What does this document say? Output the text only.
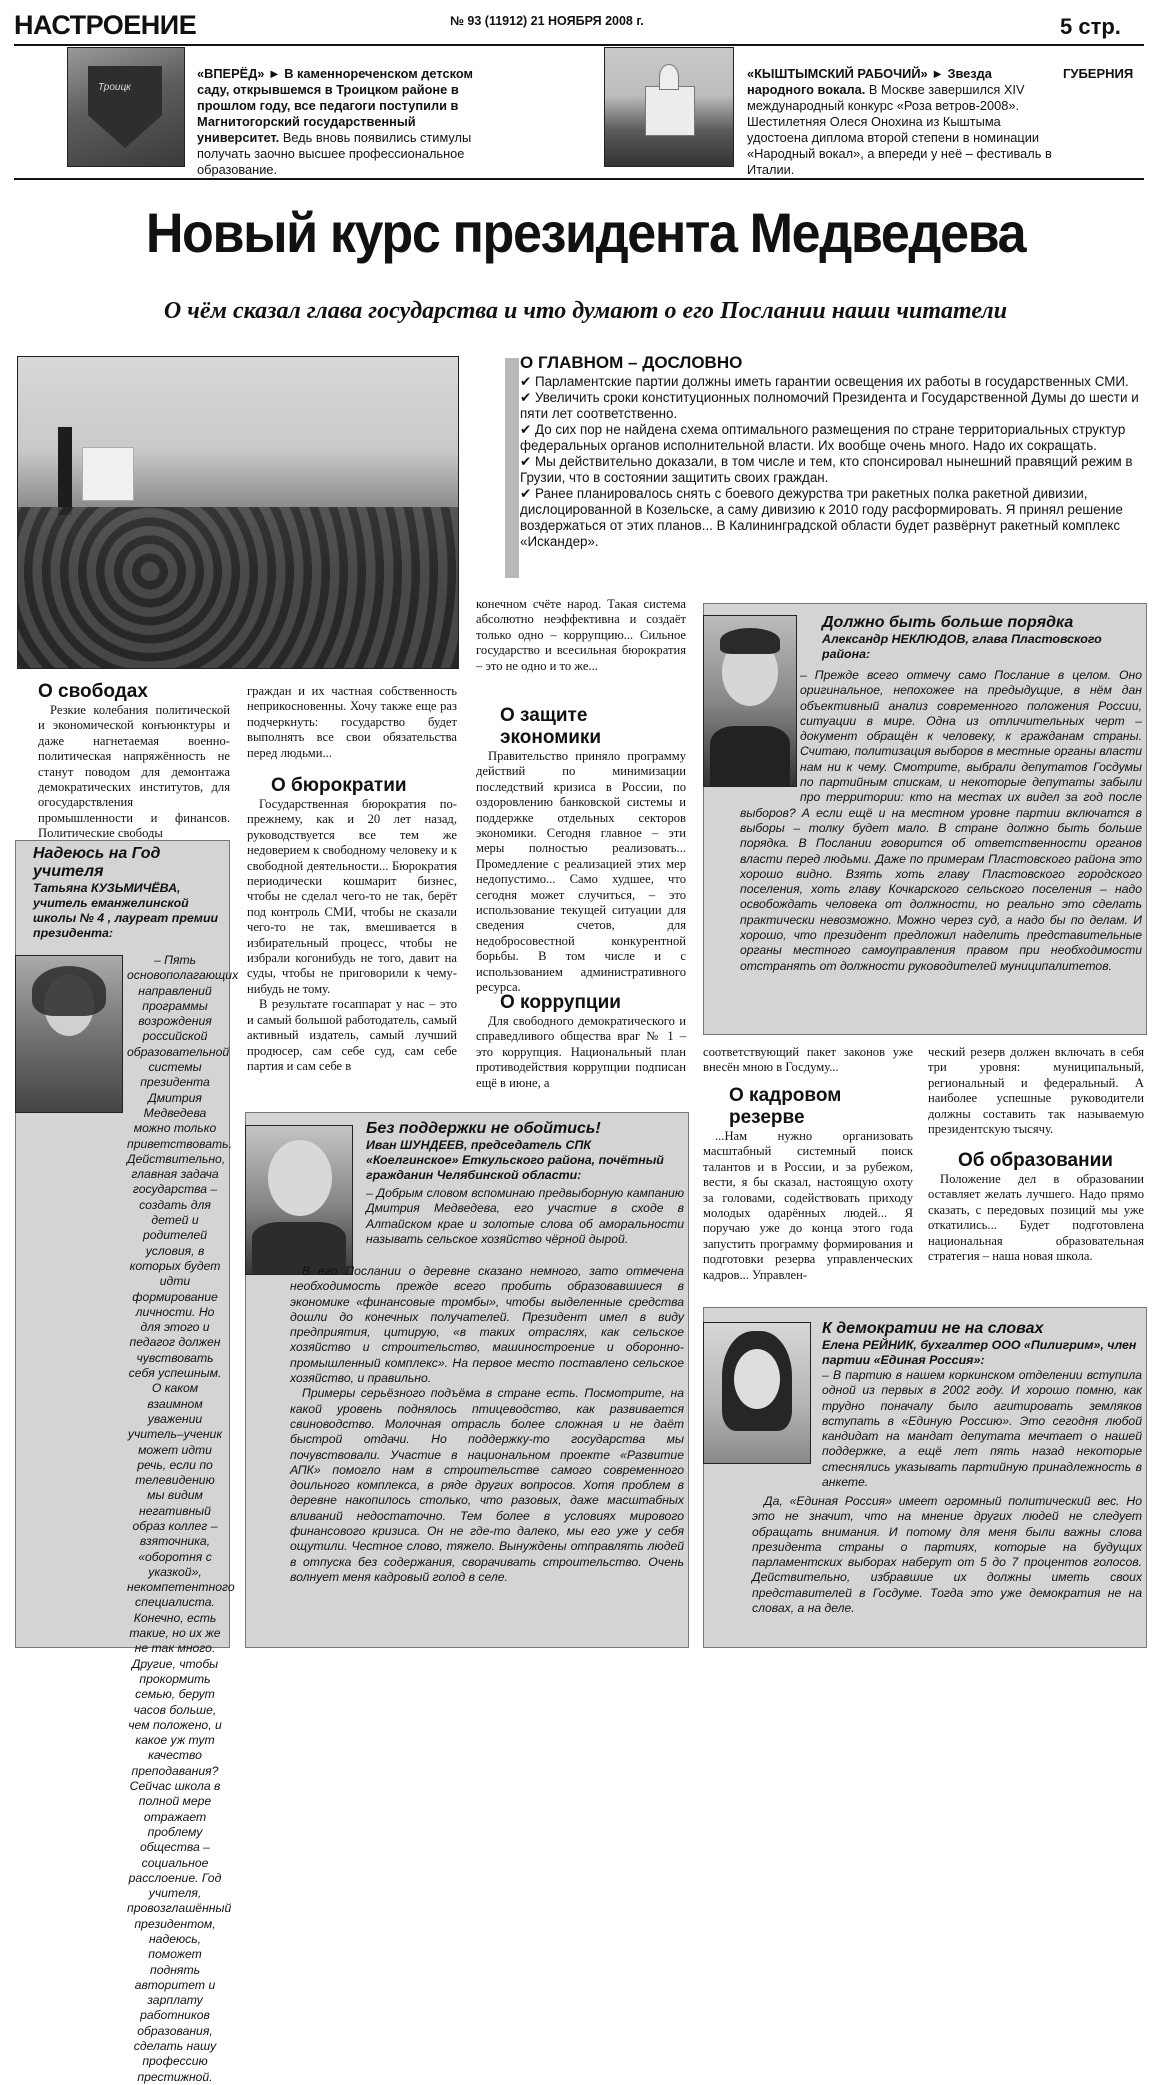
НАСТРОЕНИЕ	№ 93 (11912) 21 НОЯБРЯ 2008 г.	5 стр.
Троицк
«ВПЕРЁД» ► В каменнореченском детском саду, открывшемся в Троицком районе в прошлом году, все педагоги поступили в Магнитогорский государственный университет. Ведь вновь появились стимулы получать заочно высшее профессиональное образование.
«КЫШТЫМСКИЙ РАБОЧИЙ» ► Звезда народного вокала. В Москве завершился XIV международный конкурс «Роза ветров-2008». Шестилетняя Олеся Онохина из Кыштыма удостоена диплома второй степени в номинации «Народный вокал», а впереди у неё – фестиваль в Италии.
ГУБЕРНИЯ
Новый курс президента Медведева
О чём сказал глава государства и что думают о его Послании наши читатели
О ГЛАВНОМ – ДОСЛОВНО
✔ Парламентские партии должны иметь гарантии освещения их работы в государственных СМИ.
✔ Увеличить сроки конституционных полномочий Президента и Государственной Думы до шести и пяти лет соответственно.
✔ До сих пор не найдена схема оптимального размещения по стране территориальных структур федеральных органов исполнительной власти. Их вообще очень много. Надо их сокращать.
✔ Мы действительно доказали, в том числе и тем, кто спонсировал нынешний правящий режим в Грузии, что в состоянии защитить своих граждан.
✔ Ранее планировалось снять с боевого дежурства три ракетных полка ракетной дивизии, дислоцированной в Козельске, а саму дивизию к 2010 году расформировать. Я принял решение воздержаться от этих планов... В Калининградской области будет развёрнут ракетный комплекс «Искандер».
О свободах

Резкие колебания политической и экономической конъюнктуры и даже нагнетаемая военно-политическая напряжённость не станут поводом для демонтажа демократических институтов, для огосударствления промышленности и финансов. Политические свободы

Надеюсь на Год учителя
Татьяна КУЗЬМИЧЁВА, учитель еманжелинской школы № 4 , лауреат премии президента:

– Пять основополагающих направлений программы возрождения российской образовательной системы президента Дмитрия Медведева можно только приветствовать. Действительно, главная задача государства – создать для детей и родителей условия, в которых будет идти формирование личности. Но для этого и педагог должен чувствовать себя успешным. О каком взаимном уважении учитель–ученик может идти речь, если по телевидению мы видим негативный образ коллег – взяточника, «оборотня с указкой», некомпетентного специалиста. Конечно, есть такие, но их же не так много. Другие, чтобы прокормить семью, берут часов больше, чем положено, и какое уж тут качество преподавания? Сейчас школа в полной мере отражает проблему общества – социальное расслоение. Год учителя, провозглашённый президентом, надеюсь, поможет поднять авторитет и зарплату работников образования, сделать нашу профессию престижной.

граждан и их частная собственность неприкосновенны. Хочу также еще раз подчеркнуть: государство будет выполнять все свои обязательства перед людьми...

О бюрократии

Государственная бюрократия по-прежнему, как и 20 лет назад, руководствуется все тем же недоверием к свободному человеку и к свободной деятельности... Бюрократия периодически кошмарит бизнес, чтобы не сделал чего-то не так, берёт под контроль СМИ, чтобы не сказали чего-то не так, вмешивается в избирательный процесс, чтобы не избрали когонибудь не того, давит на суды, чтобы не приговорили к чему-нибудь не тому.

В результате госаппарат у нас – это и самый большой работодатель, самый активный издатель, самый лучший продюсер, сам себе суд, сам себе партия и сам себе в

конечном счёте народ. Такая система абсолютно неэффективна и создаёт только одно – коррупцию... Сильное государство и всесильная бюрократия – это не одно и то же...

О защите экономики

Правительство приняло программу действий по минимизации последствий кризиса в России, по оздоровлению банковской системы и поддержке отдельных секторов экономики. Сегодня главное – эти меры полностью реализовать... Промедление с реализацией этих мер недопустимо... Само худшее, что сегодня может случиться, – это использование текущей ситуации для сведения счетов, для недобросовестной конкурентной борьбы. В том числе и с использованием административного ресурса.

О коррупции

Для свободного демократического и справедливого общества враг № 1 – это коррупция. Национальный план противодействия коррупции подписан ещё в июне, а

Должно быть больше порядка
Александр НЕКЛЮДОВ, глава Пластовского района:

– Прежде всего отмечу само Послание в целом. Оно оригинальное, непохожее на предыдущие, в нём дан объективный анализ современного положения России, ситуации в мире. Одна из отличительных черт – документ обращён к человеку, к гражданам страны. Считаю, политизация выборов в местные органы власти нам ни к чему. Смотрите, выбрали депутатов Госдумы по партийным спискам, и некоторые депутаты забыли про территории: кто на местах их видел за год после выборов? А если ещё и на местном уровне партии включатся в выборы – толку будет мало. В стране должно быть больше порядка. В Послании говорится об ответственности органов власти перед людьми. Даже по примерам Пластовского района это хорошо видно. Взять хоть главу Пластовского городского поселения, хоть главу Кочкарского сельского поселения – надо освобождать человека от должности, но реально это сделать практически невозможно. Можно через суд, а надо бы по делам. И хорошо, что президент предложил наделить представительные органы местного самоуправления правом при необходимости отстранять от должности руководителей муниципалитетов.

соответствующий пакет законов уже внесён мною в Госдуму...

О кадровом резерве

...Нам нужно организовать масштабный системный поиск талантов и в России, и за рубежом, вести, я бы сказал, настоящую охоту за головами, содействовать приходу молодых одарённых людей... Я поручаю уже до конца этого года запустить программу формирования и подготовки резерва управленческих кадров... Управлен-

ческий резерв должен включать в себя три уровня: муниципальный, региональный и федеральный. А наиболее успешные руководители должны составить так называемую президентскую тысячу.

Об образовании

Положение дел в образовании оставляет желать лучшего. Надо прямо сказать, с передовых позиций мы уже откатились... Будет подготовлена национальная образовательная стратегия – наша новая школа.

Без поддержки не обойтись!
Иван ШУНДЕЕВ, председатель СПК «Коелгинское» Еткульского района, почётный гражданин Челябинской области:

– Добрым словом вспоминаю предвыборную кампанию Дмитрия Медведева, его участие в сходе в Алтайском крае и золотые слова об аморальности называть сельское хозяйство чёрной дырой.

В его Послании о деревне сказано немного, зато отмечена необходимость прежде всего пробить образовавшиеся в экономике «финансовые тромбы», чтобы выделенные средства дошли до конечных получателей. Президент имел в виду предприятия, цитирую, «в таких отраслях, как сельское хозяйство и строительство, машиностроение и оборонно-промышленный комплекс». На первое место поставлено сельское хозяйство, и правильно.

Примеры серьёзного подъёма в стране есть. Посмотрите, на какой уровень поднялось птицеводство, как развивается свиноводство. Молочная отрасль более сложная и не даёт быстрой отдачи. Но поддержку-то государства мы почувствовали. Участие в национальном проекте «Развитие АПК» помогло нам в строительстве самого современного доильного комплекса, в ряде других вопросов. Хотя проблем в деревне накопилось столько, что разовых, даже масштабных вливаний недостаточно. Тем более в условиях мирового финансового кризиса. Он не где-то далеко, мы его уже у себя ощутили. Честное слово, тяжело. Вынуждены отправлять людей в отпуска без содержания, сворачивать строительство. Очень волнует меня кадровый голод в селе.

К демократии не на словах
Елена РЕЙНИК, бухгалтер ООО «Пилигрим», член партии «Единая Россия»:

– В партию в нашем коркинском отделении вступила одной из первых в 2002 году. И хорошо помню, как трудно поначалу было агитировать земляков вступать в «Единую Россию». Это сегодня любой кандидат на мандат депутата мечтает о нашей поддержке, а ещё лет пять назад некоторые стеснялись указывать партийную принадлежность в анкете.

Да, «Единая Россия» имеет огромный политический вес. Но это не значит, что на мнение других людей не следует обращать внимания. И потому для меня были важны слова президента страны о партиях, которые на будущих парламентских выборах наберут от 5 до 7 процентов голосов. Действительно, избравшие их должны иметь своих представителей в Госдуме. Тогда это уже демократия не на словах, а на деле.
